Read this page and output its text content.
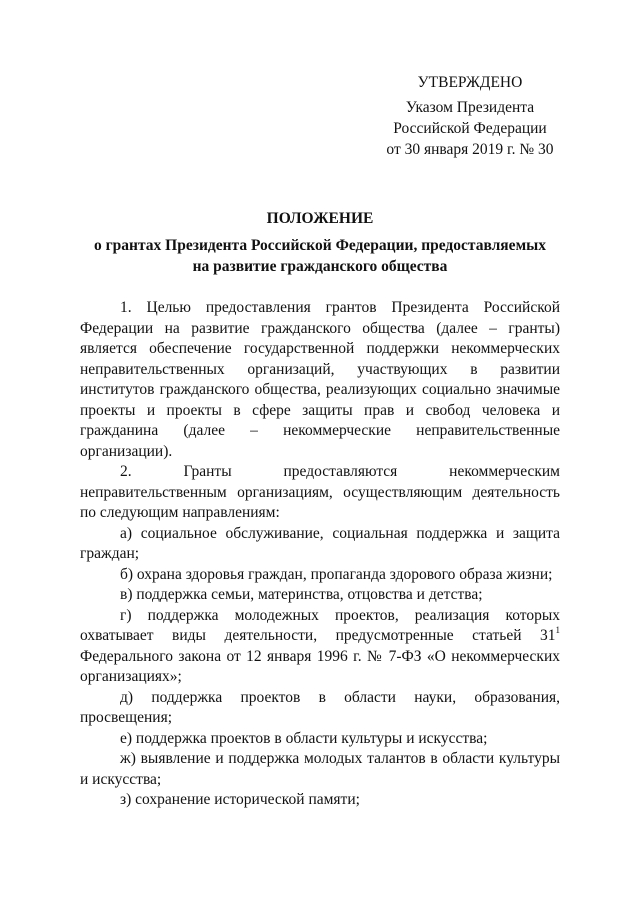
УТВЕРЖДЕНО
Указом Президента
Российской Федерации
от 30 января 2019 г. № 30
ПОЛОЖЕНИЕ
о грантах Президента Российской Федерации, предоставляемых
на развитие гражданского общества

1. Целью предоставления грантов Президента Российской Федерации на развитие гражданского общества (далее – гранты) является обеспечение государственной поддержки некоммерческих неправительственных организаций, участвующих в развитии институтов гражданского общества, реализующих социально значимые проекты и проекты в сфере защиты прав и свобод человека и гражданина (далее – некоммерческие неправительственные организации).

2. Гранты предоставляются некоммерческим неправительственным организациям, осуществляющим деятельность по следующим направлениям:

а) социальное обслуживание, социальная поддержка и защита граждан;

б) охрана здоровья граждан, пропаганда здорового образа жизни;

в) поддержка семьи, материнства, отцовства и детства;

г) поддержка молодежных проектов, реализация которых охватывает виды деятельности, предусмотренные статьей $31^1$ Федерального закона от 12 января 1996 г. № 7-ФЗ «О некоммерческих организациях»;

д) поддержка проектов в области науки, образования, просвещения;

е) поддержка проектов в области культуры и искусства;

ж) выявление и поддержка молодых талантов в области культуры и искусства;

з) сохранение исторической памяти;
